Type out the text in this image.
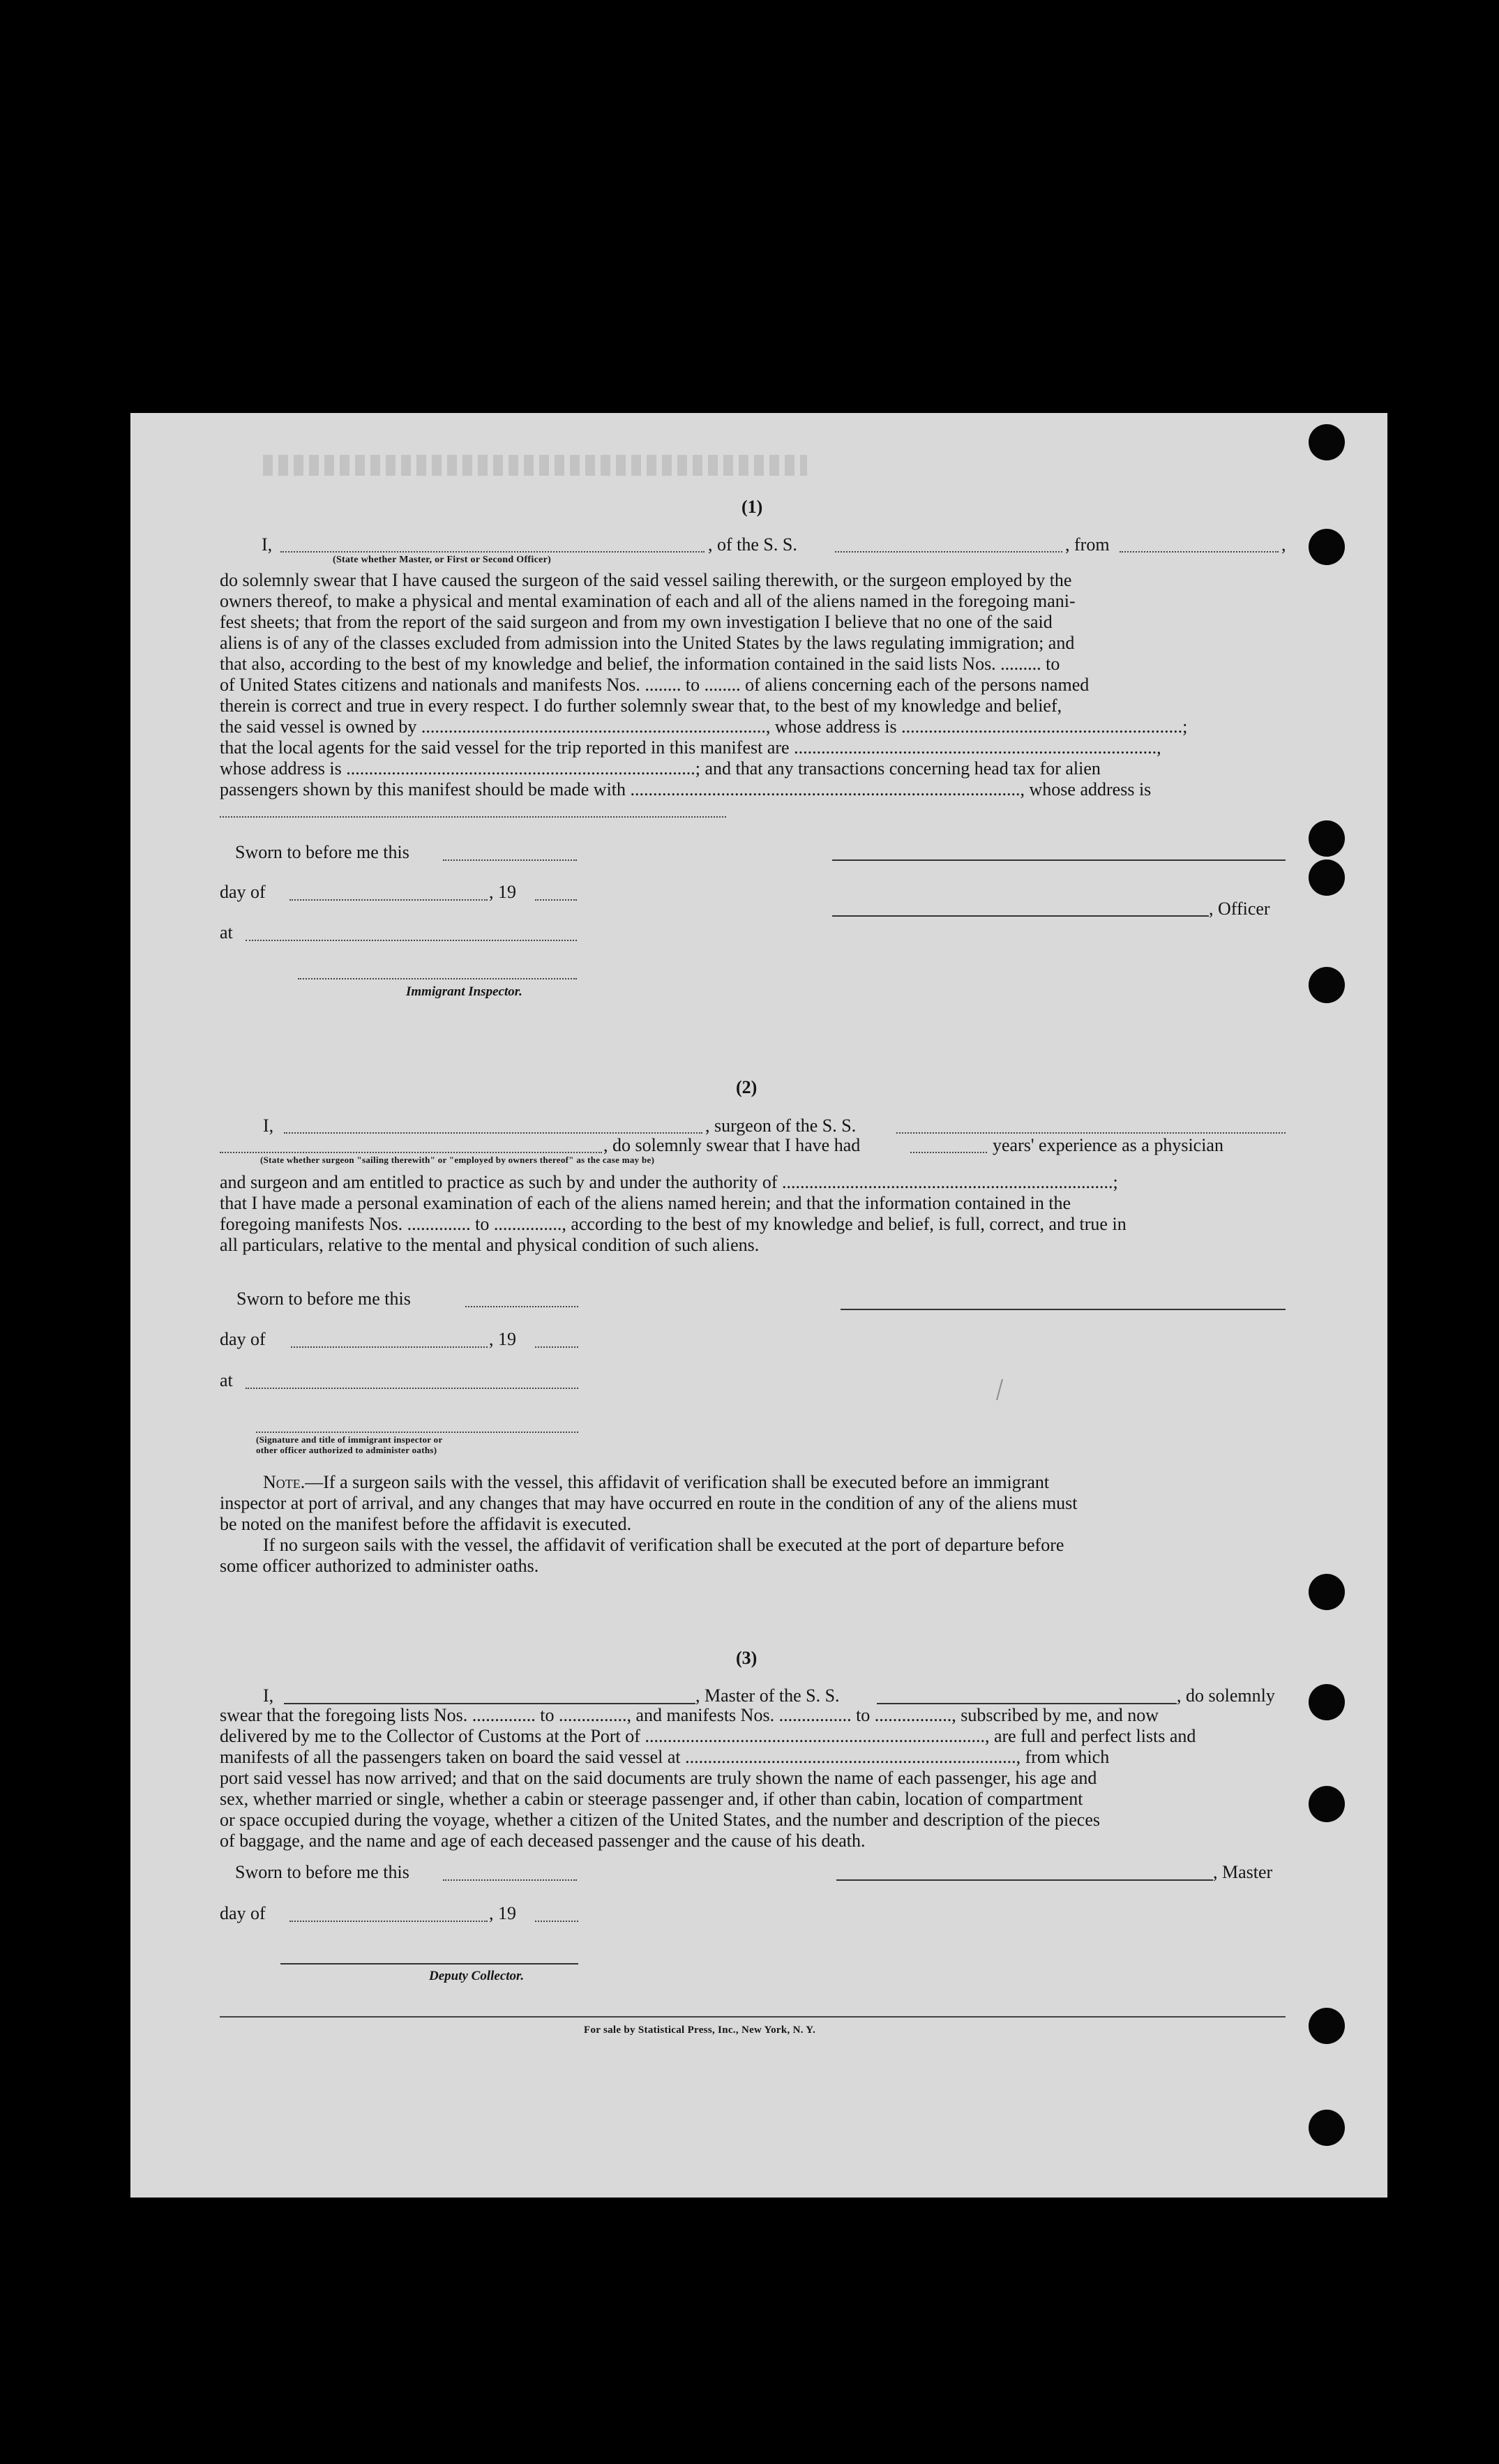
(1)
I,	, of the S. S.	, from	,
(State whether Master, or First or Second Officer)
do solemnly swear that I have caused the surgeon of the said vessel sailing therewith, or the surgeon employed by the
owners thereof, to make a physical and mental examination of each and all of the aliens named in the foregoing mani-
fest sheets; that from the report of the said surgeon and from my own investigation I believe that no one of the said
aliens is of any of the classes excluded from admission into the United States by the laws regulating immigration; and
that also, according to the best of my knowledge and belief, the information contained in the said lists Nos. ......... to
of United States citizens and nationals and manifests Nos. ........ to ........ of aliens concerning each of the persons named
therein is correct and true in every respect. I do further solemnly swear that, to the best of my knowledge and belief,
the said vessel is owned by ............................................................................, whose address is ..............................................................;
that the local agents for the said vessel for the trip reported in this manifest are ................................................................................,
whose address is .............................................................................; and that any transactions concerning head tax for alien
passengers shown by this manifest should be made with ......................................................................................, whose address is
Sworn to before me this
day of	, 19
, Officer
at
Immigrant Inspector.
(2)
I,	, surgeon of the S. S.
, do solemnly swear that I have had	years' experience as a physician
(State whether surgeon "sailing therewith" or "employed by owners thereof" as the case may be)
and surgeon and am entitled to practice as such by and under the authority of .........................................................................;
that I have made a personal examination of each of the aliens named herein; and that the information contained in the
foregoing manifests Nos. .............. to ..............., according to the best of my knowledge and belief, is full, correct, and true in
all particulars, relative to the mental and physical condition of such aliens.
Sworn to before me this
day of	, 19
at
(Signature and title of immigrant inspector or
other officer authorized to administer oaths)
Note.—If a surgeon sails with the vessel, this affidavit of verification shall be executed before an immigrant
inspector at port of arrival, and any changes that may have occurred en route in the condition of any of the aliens must
be noted on the manifest before the affidavit is executed.
If no surgeon sails with the vessel, the affidavit of verification shall be executed at the port of departure before
some officer authorized to administer oaths.
(3)
I,	, Master of the S. S.	, do solemnly
swear that the foregoing lists Nos. .............. to ..............., and manifests Nos. ................ to ................., subscribed by me, and now
delivered by me to the Collector of Customs at the Port of ..........................................................................., are full and perfect lists and
manifests of all the passengers taken on board the said vessel at ........................................................................., from which
port said vessel has now arrived; and that on the said documents are truly shown the name of each passenger, his age and
sex, whether married or single, whether a cabin or steerage passenger and, if other than cabin, location of compartment
or space occupied during the voyage, whether a citizen of the United States, and the number and description of the pieces
of baggage, and the name and age of each deceased passenger and the cause of his death.
Sworn to before me this	, Master
day of	, 19
Deputy Collector.
For sale by Statistical Press, Inc., New York, N. Y.
